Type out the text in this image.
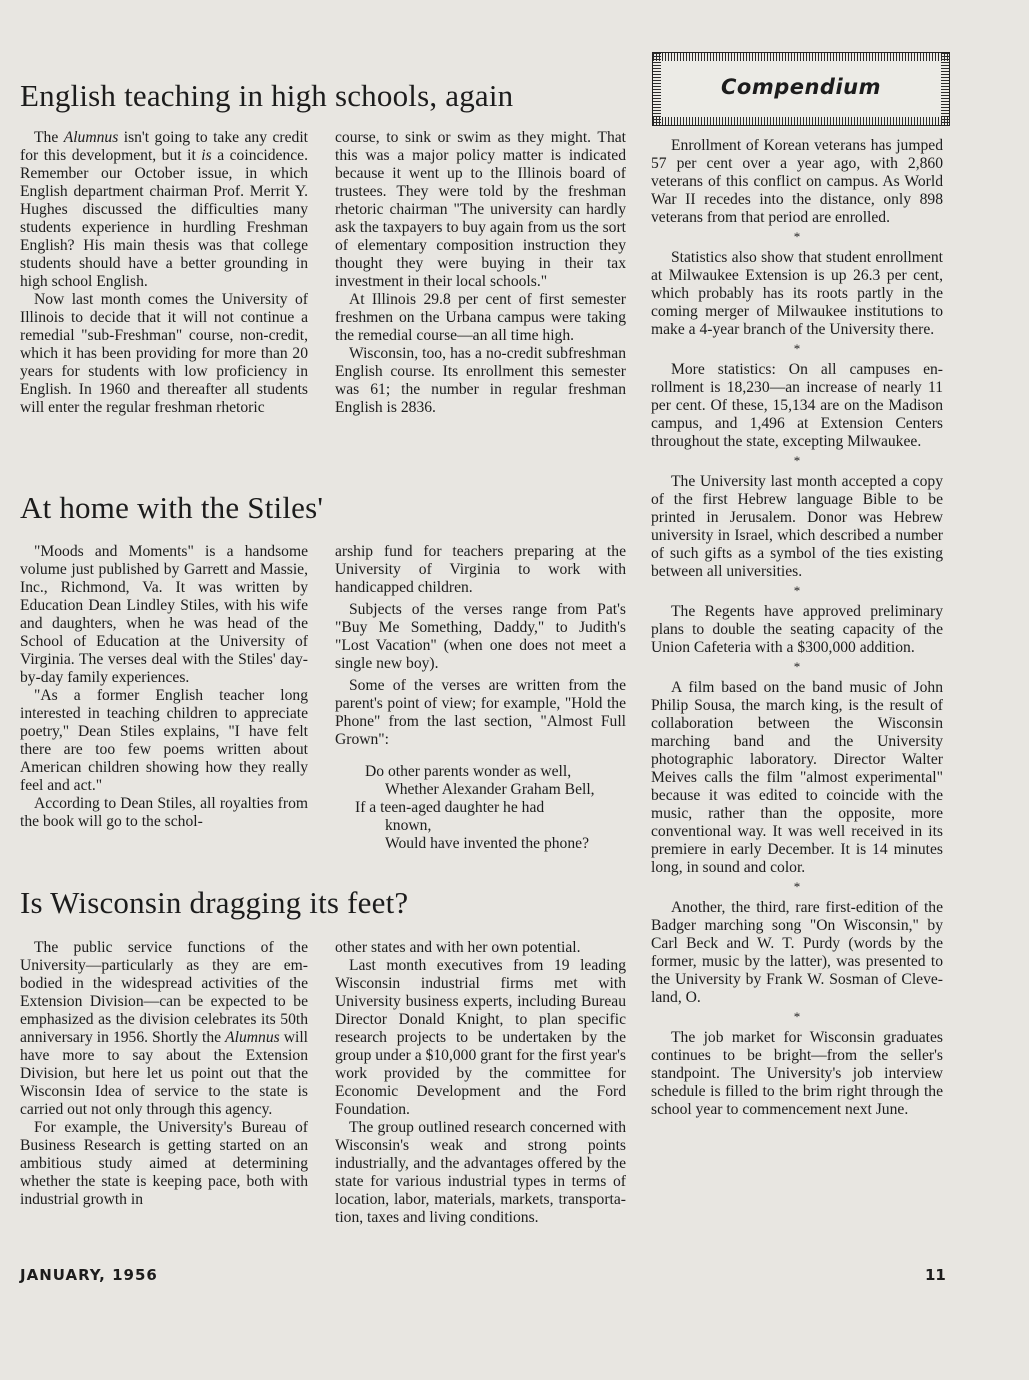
English teaching in high schools, again

The Alumnus isn't going to take any credit for this development, but it is a coincidence. Remember our October issue, in which English department chairman Prof. Merrit Y. Hughes discussed the difficulties many students experience in hurdling Freshman English? His main thesis was that college students should have a better grounding in high school English.

Now last month comes the University of Illinois to decide that it will not continue a remedial "sub-Freshman" course, non-credit, which it has been providing for more than 20 years for students with low proficiency in English. In 1960 and thereafter all students will enter the regular freshman rhetoric

course, to sink or swim as they might. That this was a major policy matter is indicated because it went up to the Illinois board of trustees. They were told by the freshman rhetoric chairman "The university can hardly ask the taxpayers to buy again from us the sort of elementary composition instruction they thought they were buying in their tax investment in their local schools."

At Illinois 29.8 per cent of first semester freshmen on the Urbana campus were taking the remedial course—an all time high.

Wisconsin, too, has a no-credit subfreshman English course. Its enrollment this semester was 61; the number in regular freshman English is 2836.

At home with the Stiles'

"Moods and Moments" is a handsome volume just published by Garrett and Massie, Inc., Richmond, Va. It was written by Education Dean Lindley Stiles, with his wife and daughters, when he was head of the School of Education at the University of Virginia. The verses deal with the Stiles' day-by-day family experiences.

"As a former English teacher long interested in teaching children to appreciate poetry," Dean Stiles explains, "I have felt there are too few poems written about American children showing how they really feel and act."

According to Dean Stiles, all royalties from the book will go to the schol-

arship fund for teachers preparing at the University of Virginia to work with handicapped children.

Subjects of the verses range from Pat's "Buy Me Something, Daddy," to Judith's "Lost Vacation" (when one does not meet a single new boy).

Some of the verses are written from the parent's point of view; for example, "Hold the Phone" from the last section, "Almost Full Grown":

Do other parents wonder as well,
Whether Alexander Graham Bell,
If a teen-aged daughter he had
known,
Would have invented the phone?
Is Wisconsin dragging its feet?

The public service functions of the University—particularly as they are embodied in the widespread activities of the Extension Division—can be expected to be emphasized as the division celebrates its 50th anniversary in 1956. Shortly the Alumnus will have more to say about the Extension Division, but here let us point out that the Wisconsin Idea of service to the state is carried out not only through this agency.

For example, the University's Bureau of Business Research is getting started on an ambitious study aimed at determining whether the state is keeping pace, both with industrial growth in

other states and with her own potential.

Last month executives from 19 leading Wisconsin industrial firms met with University business experts, including Bureau Director Donald Knight, to plan specific research projects to be undertaken by the group under a $10,000 grant for the first year's work provided by the committee for Economic Development and the Ford Foundation.

The group outlined research concerned with Wisconsin's weak and strong points industrially, and the advantages offered by the state for various industrial types in terms of location, labor, materials, markets, transportation, taxes and living conditions.

Compendium

Enrollment of Korean veterans has jumped 57 per cent over a year ago, with 2,860 veterans of this conflict on campus. As World War II recedes into the distance, only 898 veterans from that period are enrolled.

*

Statistics also show that student enrollment at Milwaukee Extension is up 26.3 per cent, which probably has its roots partly in the coming merger of Milwaukee institutions to make a 4-year branch of the University there.

*

More statistics: On all campuses enrollment is 18,230—an increase of nearly 11 per cent. Of these, 15,134 are on the Madison campus, and 1,496 at Extension Centers throughout the state, excepting Milwaukee.

*

The University last month accepted a copy of the first Hebrew language Bible to be printed in Jerusalem. Donor was Hebrew university in Israel, which described a number of such gifts as a symbol of the ties existing between all universities.

*

The Regents have approved preliminary plans to double the seating capacity of the Union Cafeteria with a $300,000 addition.

*

A film based on the band music of John Philip Sousa, the march king, is the result of collaboration between the Wisconsin marching band and the University photographic laboratory. Director Walter Meives calls the film "almost experimental" because it was edited to coincide with the music, rather than the opposite, more conventional way. It was well received in its premiere in early December. It is 14 minutes long, in sound and color.

*

Another, the third, rare first-edition of the Badger marching song "On Wisconsin," by Carl Beck and W. T. Purdy (words by the former, music by the latter), was presented to the University by Frank W. Sosman of Cleveland, O.

*

The job market for Wisconsin graduates continues to be bright—from the seller's standpoint. The University's job interview schedule is filled to the brim right through the school year to commencement next June.

JANUARY, 1956	11
